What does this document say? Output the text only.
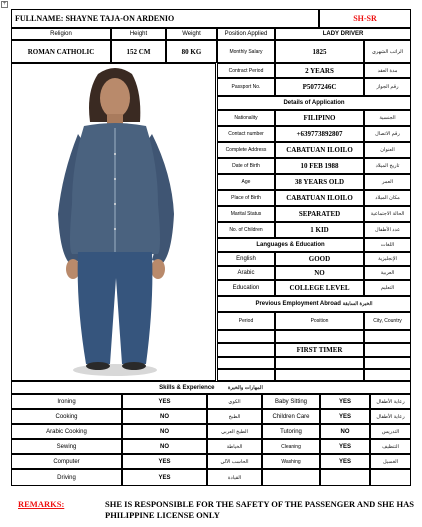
+
FULLNAME:
SHAYNE TAJA-ON ARDENIO	SH-SR
Religion	Height	Weight	Position Applied	LADY DRIVER
ROMAN CATHOLIC	152 CM	80 KG	Monthly Salary	1825	الراتب الشهري
Contract Period	2 YEARS	مدة العقد
Passport No.	P5077246C	رقم الجواز
Details of Application
Nationality	FILIPINO	الجنسية
Contact number	+639773892807	رقم الاتصال
Complete Address	CABATUAN ILOILO	العنوان
Date of Birth	10 FEB 1988	تاريخ الميلاد
Age	38 YEARS OLD	العمر
Place of Birth	CABATUAN ILOILO	مكان الميلاد
Marital Status	SEPARATED	الحالة الاجتماعية
No. of Children	1 KID	عدد الأطفال
Languages & Education	اللغات
English	GOOD	الإنجليزية
Arabic	NO	العربية
Education	COLLEGE LEVEL	التعليم
Previous Employment Abroad
الخبرة السابقة
Period	Position	City, Country
FIRST TIMER
Skills & Experience
	المهارات والخبرة
Ironing	YES	الكوي	Baby Sitting	YES	رعاية الأطفال
Cooking	NO	الطبخ	Children Care	YES	رعاية الأطفال
Arabic Cooking	NO	الطبخ العربي	Tutoring	NO	التدريس
Sewing	NO	الخياطة	Cleaning	YES	التنظيف
Computer	YES	الحاسب الآلي	Washing	YES	الغسيل
Driving	YES	القيادة
REMARKS:	SHE IS RESPONSIBLE FOR THE SAFETY OF THE PASSENGER AND SHE HAS PHILIPPINE LICENSE ONLY
